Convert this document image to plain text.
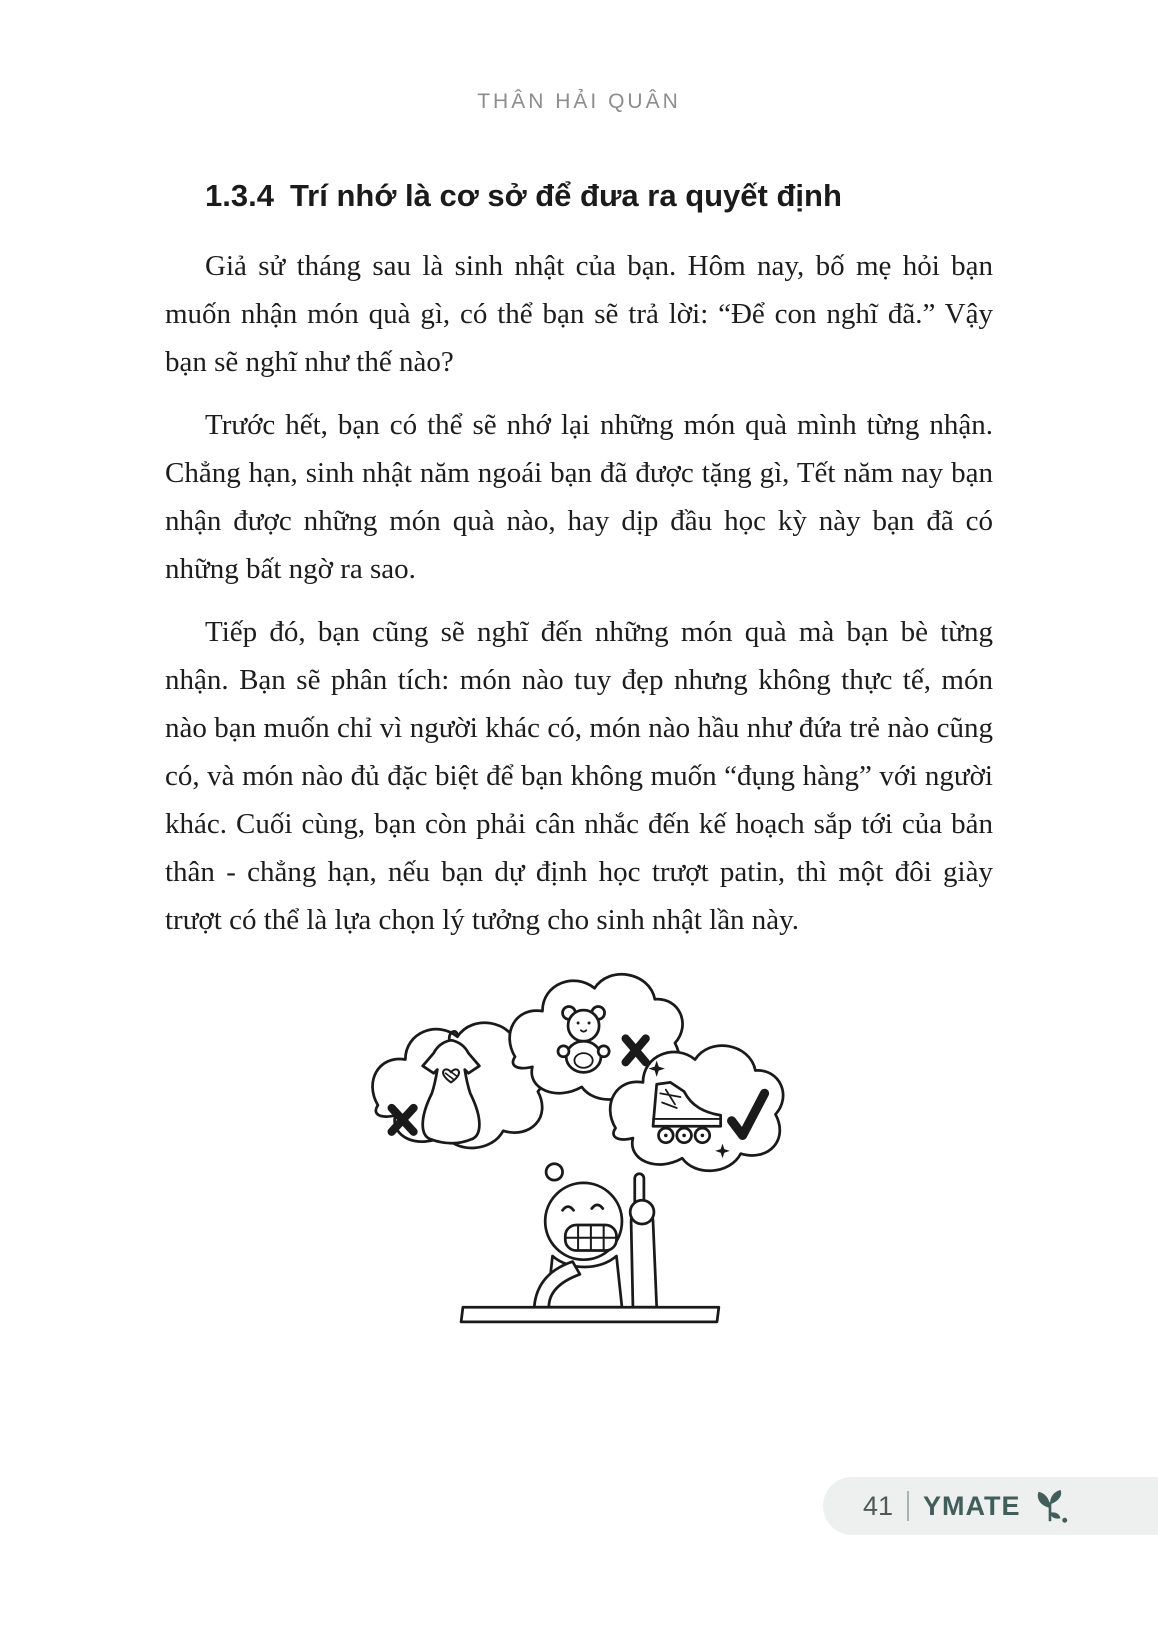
THÂN HẢI QUÂN
1.3.4 Trí nhớ là cơ sở để đưa ra quyết định

Giả sử tháng sau là sinh nhật của bạn. Hôm nay, bố mẹ hỏi bạn muốn nhận món quà gì, có thể bạn sẽ trả lời: “Để con nghĩ đã.” Vậy bạn sẽ nghĩ như thế nào?

Trước hết, bạn có thể sẽ nhớ lại những món quà mình từng nhận. Chẳng hạn, sinh nhật năm ngoái bạn đã được tặng gì, Tết năm nay bạn nhận được những món quà nào, hay dịp đầu học kỳ này bạn đã có những bất ngờ ra sao.

Tiếp đó, bạn cũng sẽ nghĩ đến những món quà mà bạn bè từng nhận. Bạn sẽ phân tích: món nào tuy đẹp nhưng không thực tế, món nào bạn muốn chỉ vì người khác có, món nào hầu như đứa trẻ nào cũng có, và món nào đủ đặc biệt để bạn không muốn “đụng hàng” với người khác. Cuối cùng, bạn còn phải cân nhắc đến kế hoạch sắp tới của bản thân - chẳng hạn, nếu bạn dự định học trượt patin, thì một đôi giày trượt có thể là lựa chọn lý tưởng cho sinh nhật lần này.

41 YMATE
